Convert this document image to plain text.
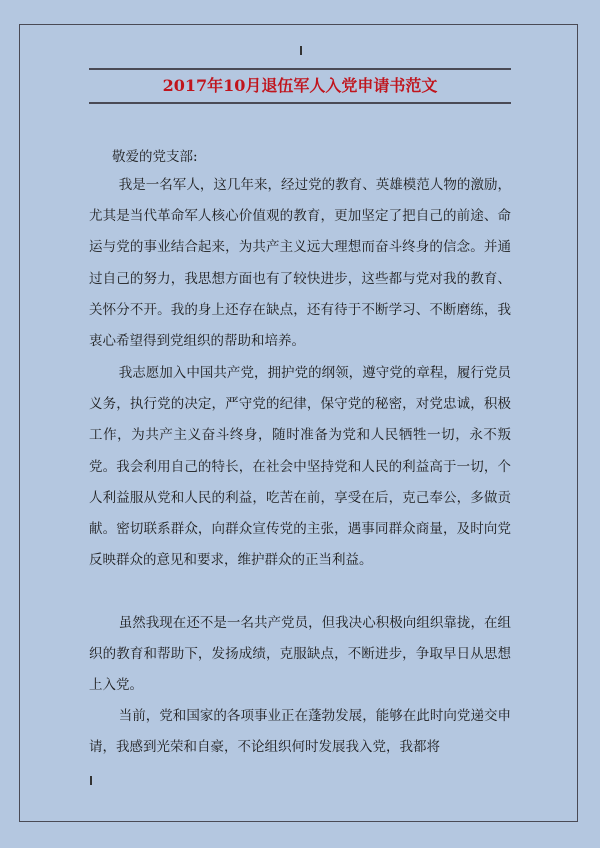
2017年10月退伍军人入党申请书范文
敬爱的党支部:

我是一名军人，这几年来，经过党的教育、英雄模范人物的激励，尤其是当代革命军人核心价值观的教育，更加坚定了把自己的前途、命运与党的事业结合起来，为共产主义远大理想而奋斗终身的信念。并通过自己的努力，我思想方面也有了较快进步，这些都与党对我的教育、关怀分不开。我的身上还存在缺点，还有待于不断学习、不断磨练，我衷心希望得到党组织的帮助和培养。

我志愿加入中国共产党，拥护党的纲领，遵守党的章程，履行党员义务，执行党的决定，严守党的纪律，保守党的秘密，对党忠诚，积极工作，为共产主义奋斗终身，随时准备为党和人民牺牲一切，永不叛党。我会利用自己的特长，在社会中坚持党和人民的利益高于一切，个人利益服从党和人民的利益，吃苦在前，享受在后，克己奉公，多做贡献。密切联系群众，向群众宣传党的主张，遇事同群众商量，及时向党反映群众的意见和要求，维护群众的正当利益。

虽然我现在还不是一名共产党员，但我决心积极向组织靠拢，在组织的教育和帮助下，发扬成绩，克服缺点，不断进步，争取早日从思想上入党。

当前，党和国家的各项事业正在蓬勃发展，能够在此时向党递交申请，我感到光荣和自豪，不论组织何时发展我入党，我都将
